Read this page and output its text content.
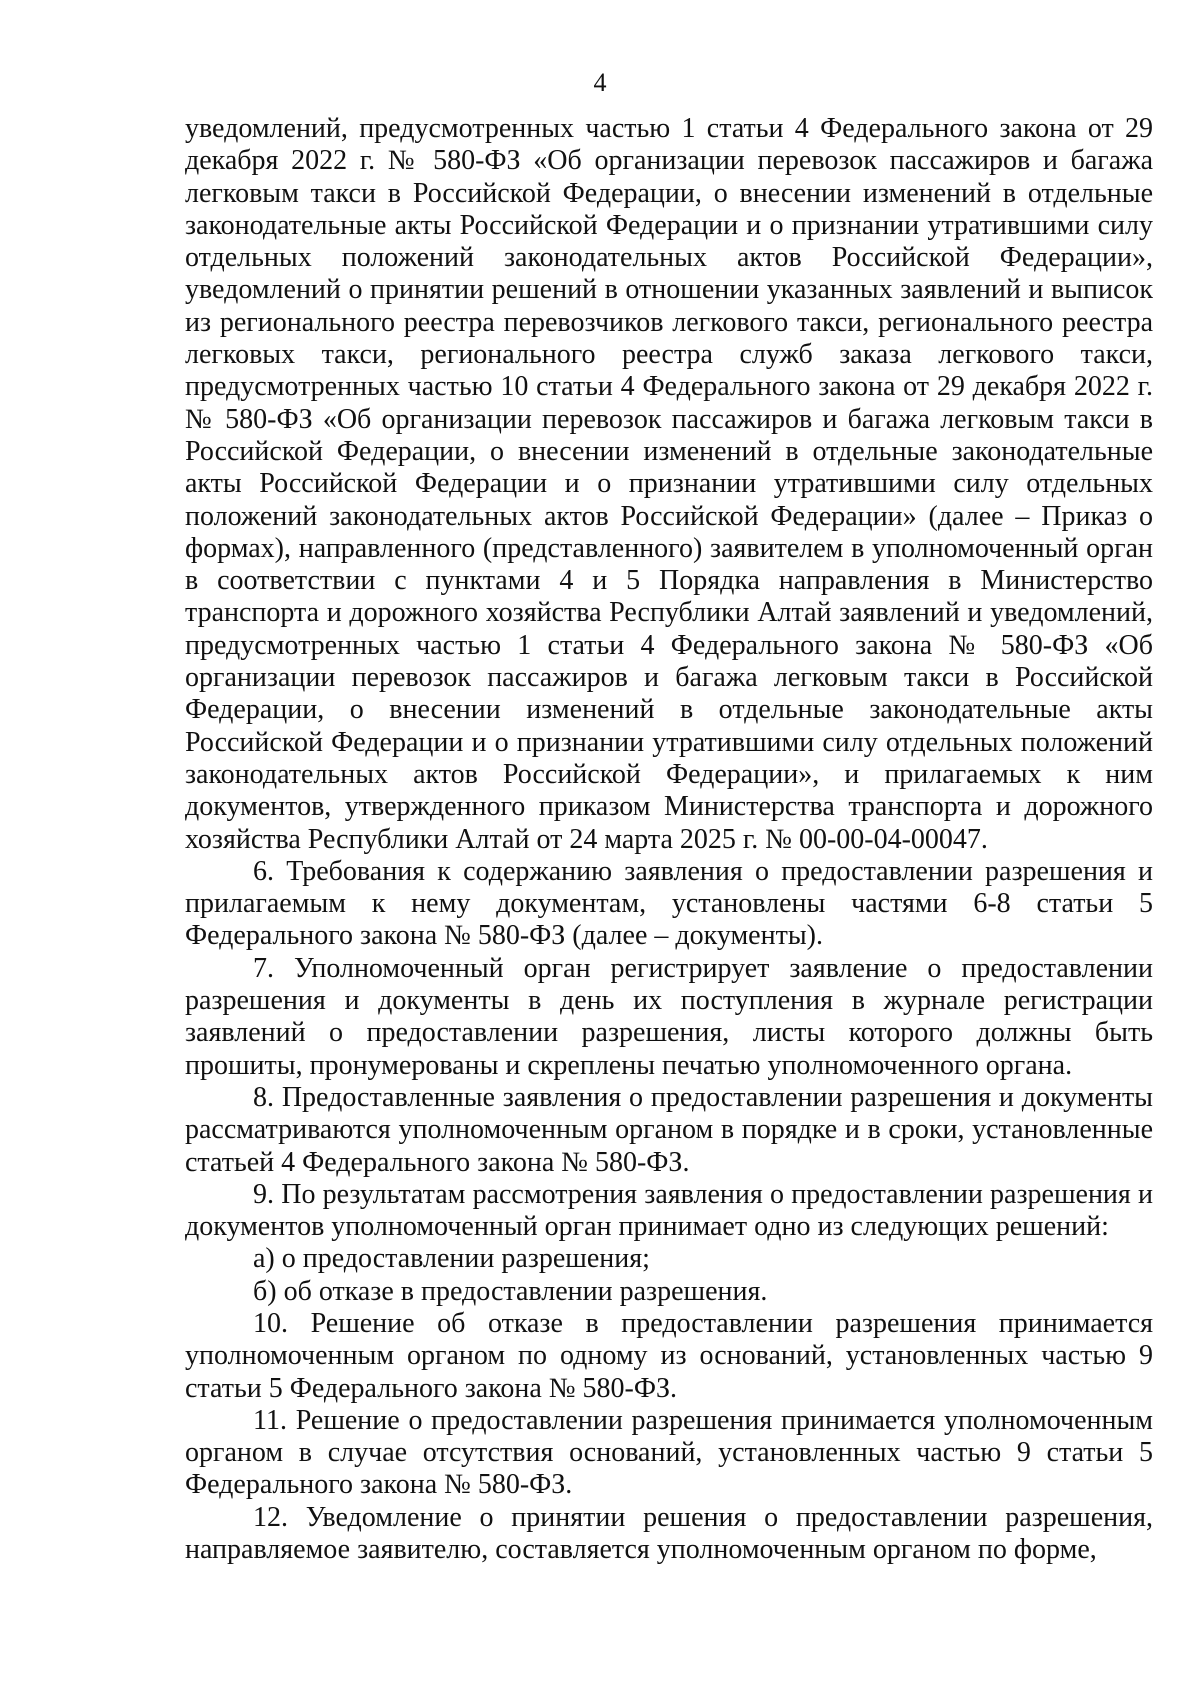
4

уведомлений, предусмотренных частью 1 статьи 4 Федерального закона от 29 декабря 2022 г. № 580-ФЗ «Об организации перевозок пассажиров и багажа легковым такси в Российской Федерации, о внесении изменений в отдельные законодательные акты Российской Федерации и о признании утратившими силу отдельных положений законодательных актов Российской Федерации», уведомлений о принятии решений в отношении указанных заявлений и выписок из регионального реестра перевозчиков легкового такси, регионального реестра легковых такси, регионального реестра служб заказа легкового такси, предусмотренных частью 10 статьи 4 Федерального закона от 29 декабря 2022 г. № 580-ФЗ «Об организации перевозок пассажиров и багажа легковым такси в Российской Федерации, о внесении изменений в отдельные законодательные акты Российской Федерации и о признании утратившими силу отдельных положений законодательных актов Российской Федерации» (далее – Приказ о формах), направленного (представленного) заявителем в уполномоченный орган в соответствии с пунктами 4 и 5 Порядка направления в Министерство транспорта и дорожного хозяйства Республики Алтай заявлений и уведомлений, предусмотренных частью 1 статьи 4 Федерального закона № 580-ФЗ «Об организации перевозок пассажиров и багажа легковым такси в Российской Федерации, о внесении изменений в отдельные законодательные акты Российской Федерации и о признании утратившими силу отдельных положений законодательных актов Российской Федерации», и прилагаемых к ним документов, утвержденного приказом Министерства транспорта и дорожного хозяйства Республики Алтай от 24 марта 2025 г. № 00-00-04-00047.

6. Требования к содержанию заявления о предоставлении разрешения и прилагаемым к нему документам, установлены частями 6-8 статьи 5 Федерального закона № 580-ФЗ (далее – документы).

7. Уполномоченный орган регистрирует заявление о предоставлении разрешения и документы в день их поступления в журнале регистрации заявлений о предоставлении разрешения, листы которого должны быть прошиты, пронумерованы и скреплены печатью уполномоченного органа.

8. Предоставленные заявления о предоставлении разрешения и документы рассматриваются уполномоченным органом в порядке и в сроки, установленные статьей 4 Федерального закона № 580-ФЗ.

9. По результатам рассмотрения заявления о предоставлении разрешения и документов уполномоченный орган принимает одно из следующих решений:

а) о предоставлении разрешения;

б) об отказе в предоставлении разрешения.

10. Решение об отказе в предоставлении разрешения принимается уполномоченным органом по одному из оснований, установленных частью 9 статьи 5 Федерального закона № 580-ФЗ.

11. Решение о предоставлении разрешения принимается уполномоченным органом в случае отсутствия оснований, установленных частью 9 статьи 5 Федерального закона № 580-ФЗ.

12. Уведомление о принятии решения о предоставлении разрешения, направляемое заявителю, составляется уполномоченным органом по форме,
